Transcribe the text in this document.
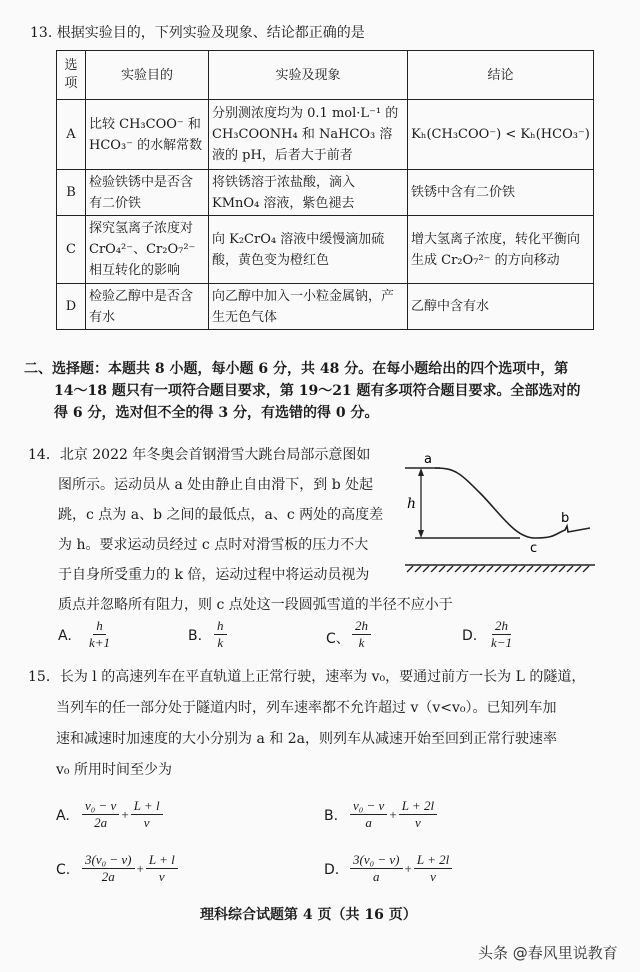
13. 根据实验目的，下列实验及现象、结论都正确的是
选项	实验目的	实验及现象	结论
A	比较 CH₃COO⁻ 和 HCO₃⁻ 的水解常数	分别测浓度均为 0.1 mol·L⁻¹ 的 CH₃COONH₄ 和 NaHCO₃ 溶液的 pH，后者大于前者	Kₕ(CH₃COO⁻) < Kₕ(HCO₃⁻)
B	检验铁锈中是否含有二价铁	将铁锈溶于浓盐酸，滴入 KMnO₄ 溶液，紫色褪去	铁锈中含有二价铁
C	探究氢离子浓度对 CrO₄²⁻、Cr₂O₇²⁻ 相互转化的影响	向 K₂CrO₄ 溶液中缓慢滴加硫酸，黄色变为橙红色	增大氢离子浓度，转化平衡向生成 Cr₂O₇²⁻ 的方向移动
D	检验乙醇中是否含有水	向乙醇中加入一小粒金属钠，产生无色气体	乙醇中含有水
二、选择题：本题共 8 小题，每小题 6 分，共 48 分。在每小题给出的四个选项中，第
14～18 题只有一项符合题目要求，第 19～21 题有多项符合题目要求。全部选对的
得 6 分，选对但不全的得 3 分，有选错的得 0 分。
14．北京 2022 年冬奥会首钢滑雪大跳台局部示意图如
图所示。运动员从 a 处由静止自由滑下，到 b 处起
跳，c 点为 a、b 之间的最低点，a、c 两处的高度差
为 h。要求运动员经过 c 点时对滑雪板的压力不大
于自身所受重力的 k 倍，运动过程中将运动员视为
质点并忽略所有阻力，则 c 点处这一段圆弧雪道的半径不应小于
a
b
c
h
A. $\frac{h}{k+1}$	B. $\frac{h}{k}$	C、 $\frac{2h}{k}$	D. $\frac{2h}{k-1}$
15．长为 l 的高速列车在平直轨道上正常行驶，速率为 v₀，要通过前方一长为 L 的隧道，
当列车的任一部分处于隧道内时，列车速率都不允许超过 v（v<v₀）。已知列车加
速和减速时加速度的大小分别为 a 和 2a，则列车从减速开始至回到正常行驶速率
v₀ 所用时间至少为
A. $\frac{\text{v₀ − v}}{2a} + \frac{L + l}{v}$	B. $\frac{\text{v₀ − v}}{a} + \frac{L + 2l}{v}$
C. $\frac{\text{3(v₀ − v)}}{2a} + \frac{L + l}{v}$	D. $\frac{\text{3(v₀ − v)}}{a} + \frac{L + 2l}{v}$
理科综合试题第 4 页（共 16 页）
头条 @春风里说教育
